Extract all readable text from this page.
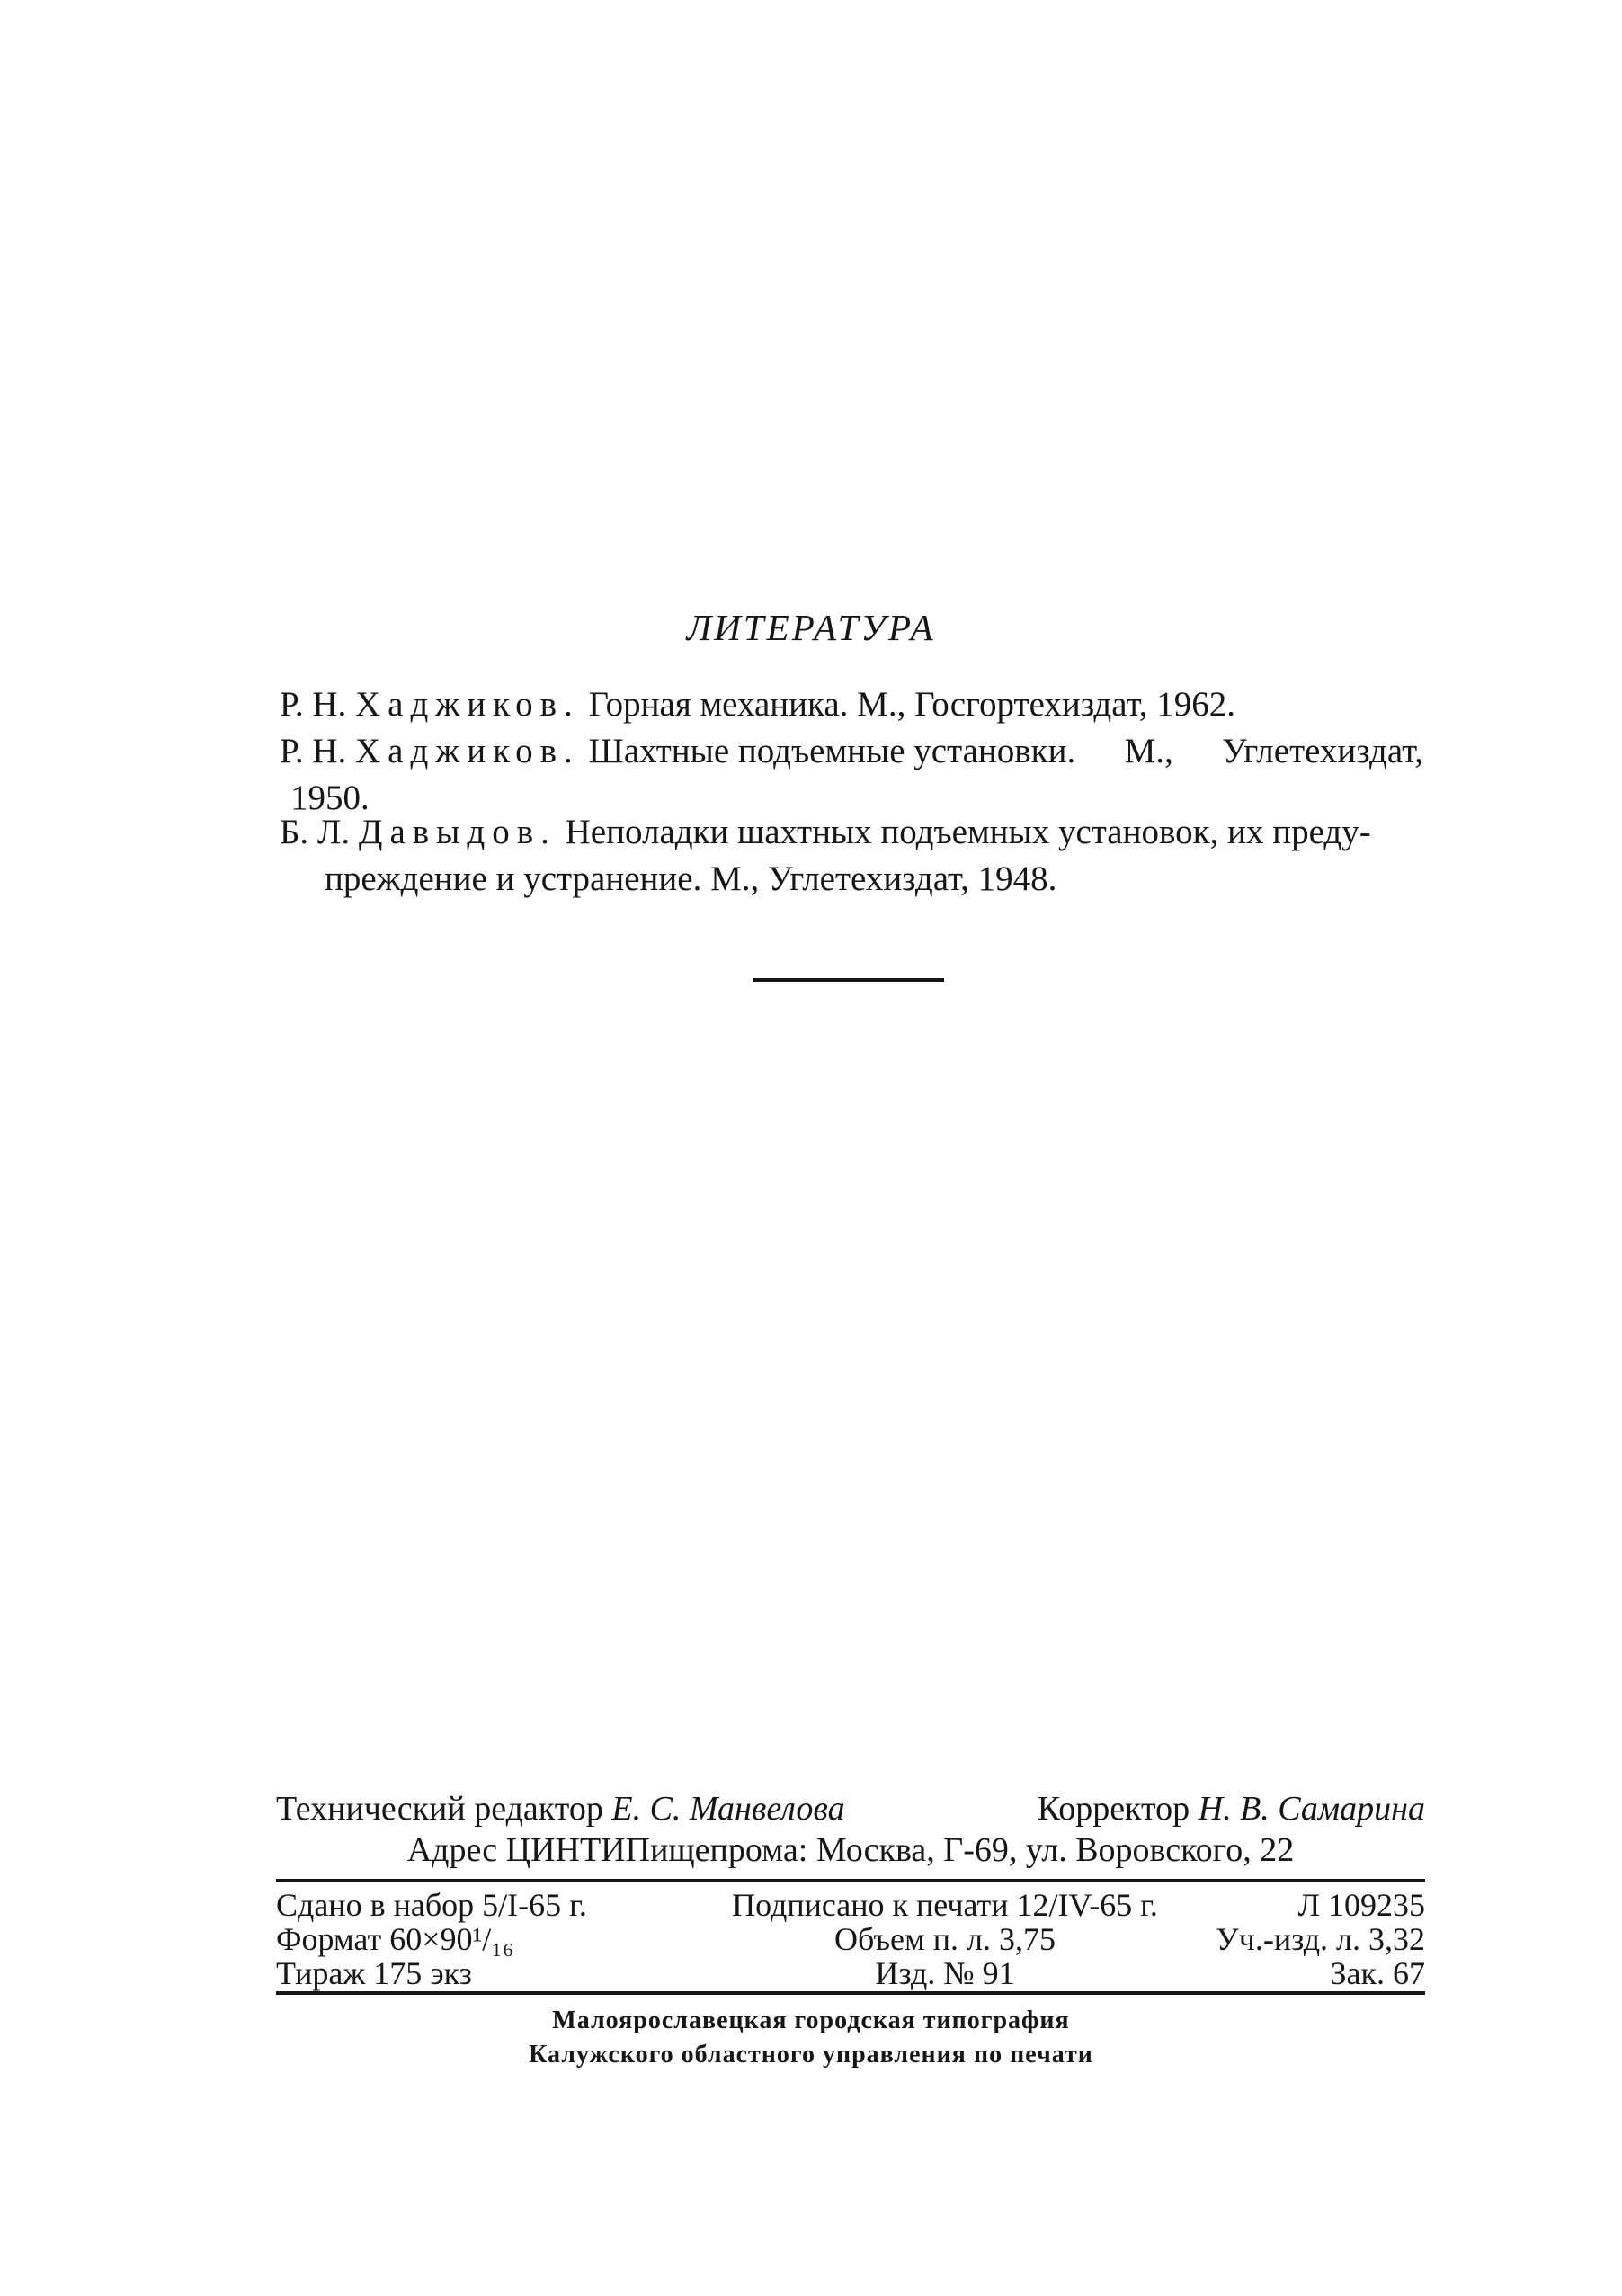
ЛИТЕРАТУРА
Р. Н. Хаджиков. Горная механика. М., Госгортехиздат, 1962.
Р. Н. Хаджиков. Шахтные подъемные установки. М., Углетехиздат,
1950.
Б. Л. Давыдов. Неполадки шахтных подъемных установок, их преду-
преждение и устранение. М., Углетехиздат, 1948.
Технический редактор Е. С. Манвелова	Корректор Н. В. Самарина
Адрес ЦИНТИПищепрома: Москва, Г-69, ул. Воровского, 22
Сдано в набор 5/I-65 г.	Подписано к печати 12/IV-65 г.	Л 109235
Формат 60×90¹/₁₆	Объем п. л. 3,75	Уч.-изд. л. 3,32
Тираж 175 экз	Изд. № 91	Зак. 67
Малоярославецкая городская типография
Калужского областного управления по печати
